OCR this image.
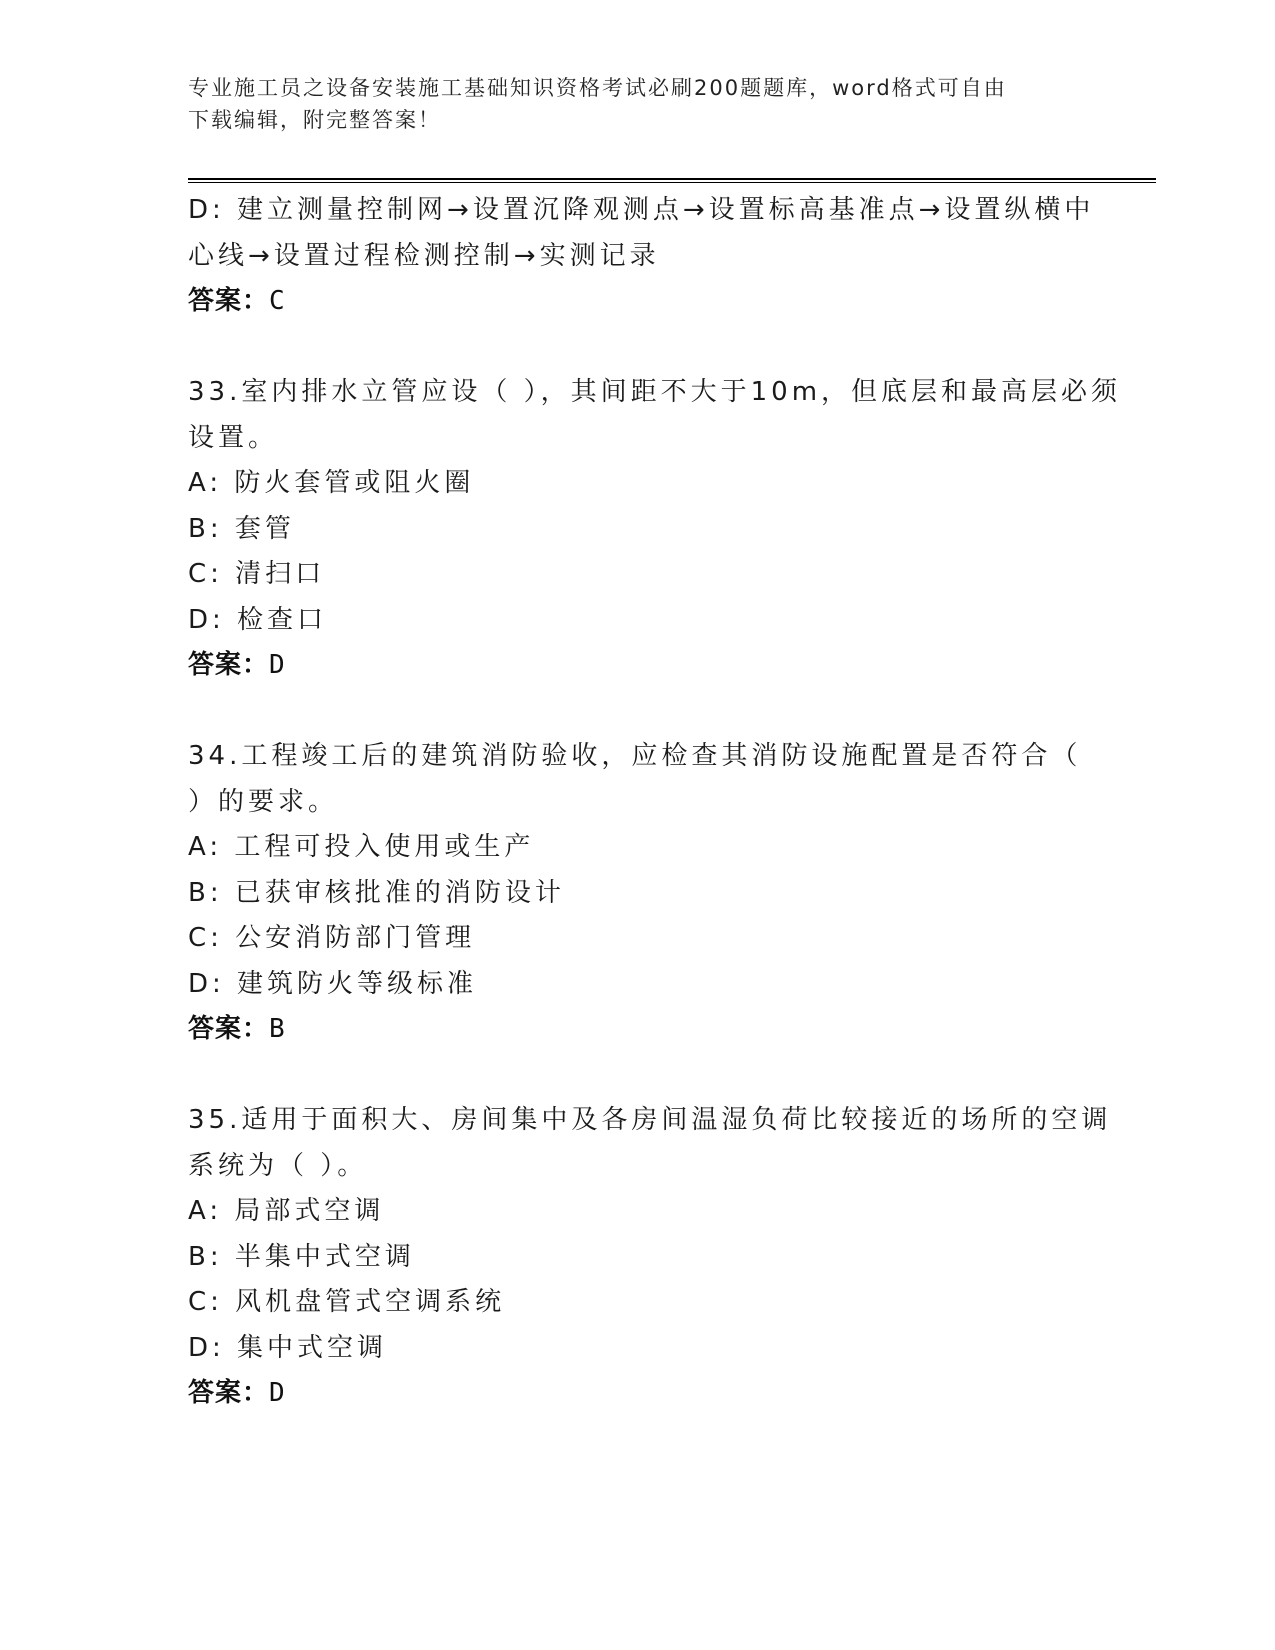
专业施工员之设备安装施工基础知识资格考试必刷200题题库，word格式可自由
下载编辑，附完整答案！
D: 建立测量控制网→设置沉降观测点→设置标高基准点→设置纵横中
心线→设置过程检测控制→实测记录
答案：C
33.室内排水立管应设（ ），其间距不大于10m，但底层和最高层必须
设置。
A: 防火套管或阻火圈
B: 套管
C: 清扫口
D: 检查口
答案：D
34.工程竣工后的建筑消防验收，应检查其消防设施配置是否符合（
）的要求。
A: 工程可投入使用或生产
B: 已获审核批准的消防设计
C: 公安消防部门管理
D: 建筑防火等级标准
答案：B
35.适用于面积大、房间集中及各房间温湿负荷比较接近的场所的空调
系统为（ ）。
A: 局部式空调
B: 半集中式空调
C: 风机盘管式空调系统
D: 集中式空调
答案：D
